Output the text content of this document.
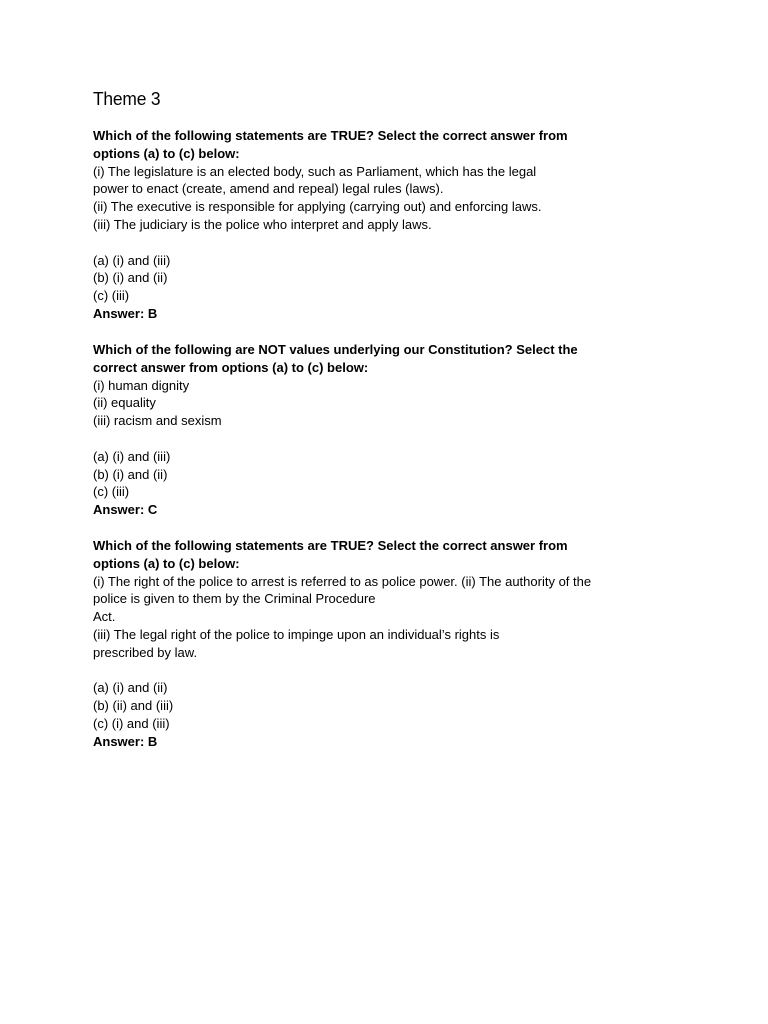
Theme 3

Which of the following statements are TRUE? Select the correct answer from

options (a) to (c) below:

(i) The legislature is an elected body, such as Parliament, which has the legal

power to enact (create, amend and repeal) legal rules (laws).

(ii) The executive is responsible for applying (carrying out) and enforcing laws.

(iii) The judiciary is the police who interpret and apply laws.

(a) (i) and (iii)

(b) (i) and (ii)

(c) (iii)

Answer: B

Which of the following are NOT values underlying our Constitution? Select the

correct answer from options (a) to (c) below:

(i) human dignity

(ii) equality

(iii) racism and sexism

(a) (i) and (iii)

(b) (i) and (ii)

(c) (iii)

Answer: C

Which of the following statements are TRUE? Select the correct answer from

options (a) to (c) below:

(i) The right of the police to arrest is referred to as police power. (ii) The authority of the

police is given to them by the Criminal Procedure

Act.

(iii) The legal right of the police to impinge upon an individual’s rights is

prescribed by law.

(a) (i) and (ii)

(b) (ii) and (iii)

(c) (i) and (iii)

Answer: B
